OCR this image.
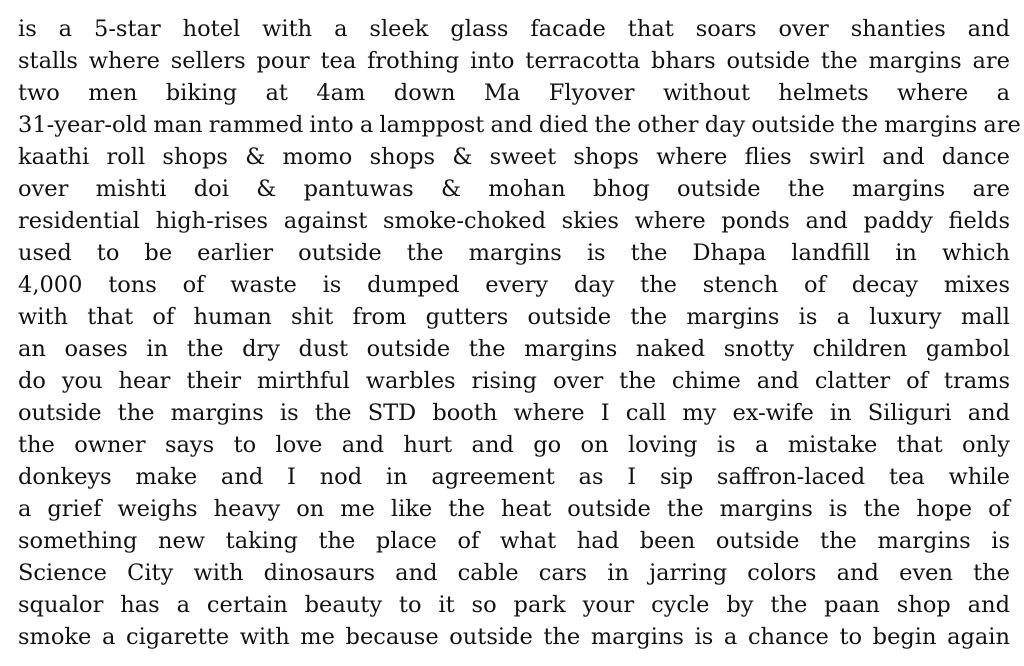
is a 5-star hotel with a sleek glass facade that soars over shanties and
stalls where sellers pour tea frothing into terracotta bhars outside the margins are
two men biking at 4am down Ma Flyover without helmets where a
31-year-old man rammed into a lamppost and died the other day outside the margins are
kaathi roll shops & momo shops & sweet shops where flies swirl and dance
over mishti doi & pantuwas & mohan bhog outside the margins are
residential high-rises against smoke-choked skies where ponds and paddy fields
used to be earlier outside the margins is the Dhapa landfill in which
4,000 tons of waste is dumped every day the stench of decay mixes
with that of human shit from gutters outside the margins is a luxury mall
an oases in the dry dust outside the margins naked snotty children gambol
do you hear their mirthful warbles rising over the chime and clatter of trams
outside the margins is the STD booth where I call my ex-wife in Siliguri and
the owner says to love and hurt and go on loving is a mistake that only
donkeys make and I nod in agreement as I sip saffron-laced tea while
a grief weighs heavy on me like the heat outside the margins is the hope of
something new taking the place of what had been outside the margins is
Science City with dinosaurs and cable cars in jarring colors and even the
squalor has a certain beauty to it so park your cycle by the paan shop and
smoke a cigarette with me because outside the margins is a chance to begin again
